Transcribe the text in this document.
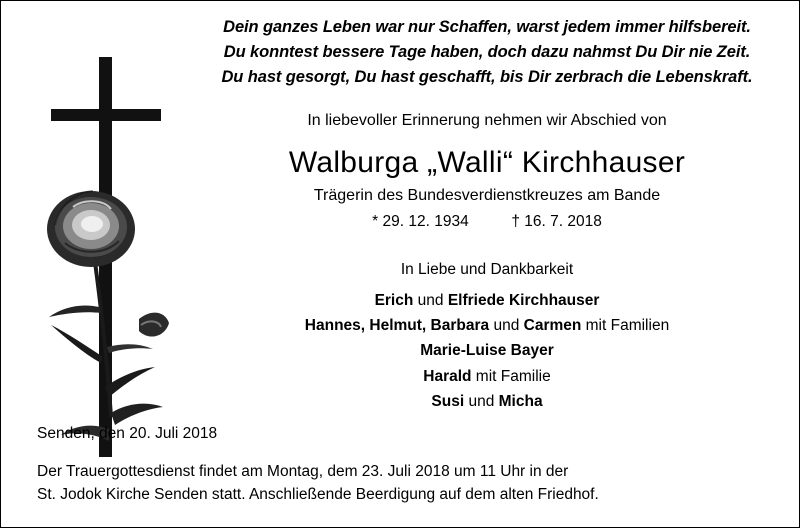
Dein ganzes Leben war nur Schaffen, warst jedem immer hilfsbereit.
Du konntest bessere Tage haben, doch dazu nahmst Du Dir nie Zeit.
Du hast gesorgt, Du hast geschafft, bis Dir zerbrach die Lebenskraft.
In liebevoller Erinnerung nehmen wir Abschied von
Walburga „Walli“ Kirchhauser
Trägerin des Bundesverdienstkreuzes am Bande
* 29. 12. 1934	† 16. 7. 2018
In Liebe und Dankbarkeit
Erich und Elfriede Kirchhauser
Hannes, Helmut, Barbara und Carmen mit Familien
Marie-Luise Bayer
Harald mit Familie
Susi und Micha
Senden, den 20. Juli 2018
Der Trauergottesdienst findet am Montag, dem 23. Juli 2018 um 11 Uhr in der
St. Jodok Kirche Senden statt. Anschließende Beerdigung auf dem alten Friedhof.
